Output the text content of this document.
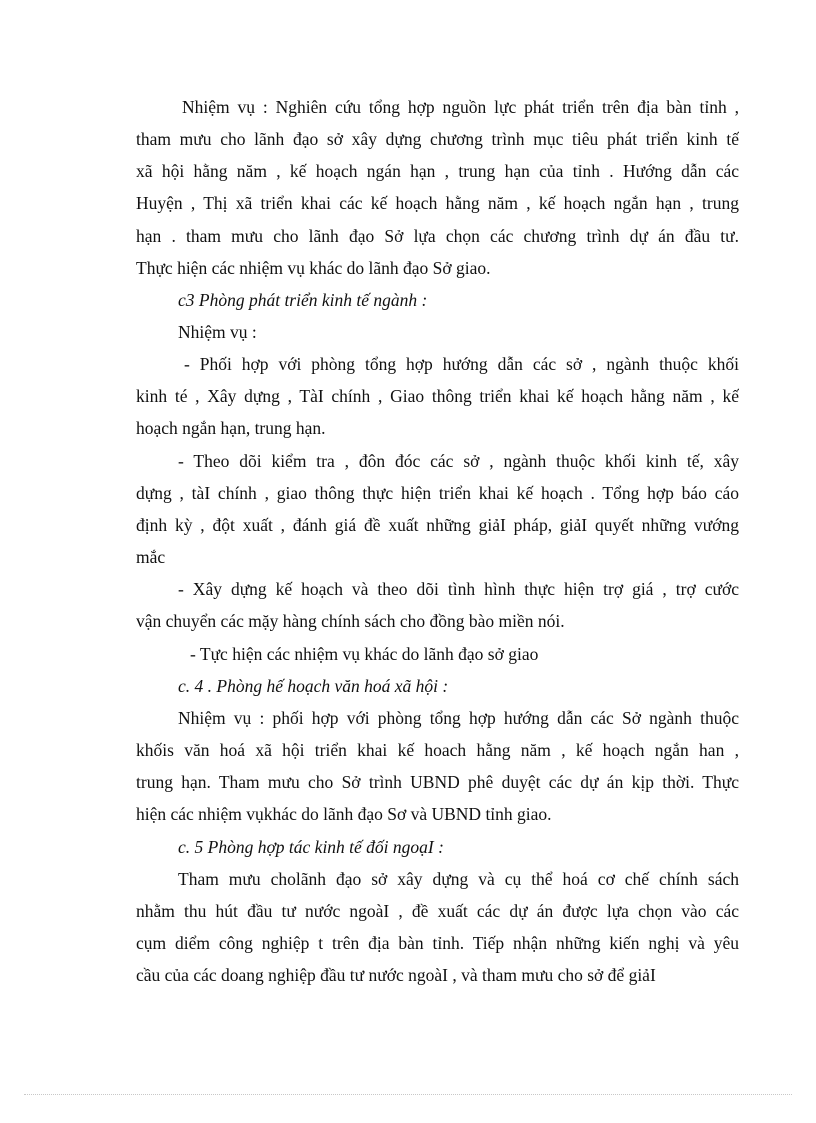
Nhiệm vụ : Nghiên cứu tổng hợp nguồn lực phát triển trên địa bàn tỉnh ,
tham mưu cho lãnh đạo sở xây dựng chương trình mục tiêu phát triển kinh tế
xã hội hằng năm , kế hoạch ngán hạn , trung hạn của tỉnh . Hướng dẫn các
Huyện , Thị xã triển khai các kế hoạch hằng năm , kế hoạch ngắn hạn , trung
hạn . tham mưu cho lãnh đạo Sở lựa chọn các chương trình dự án đầu tư.
Thực hiện các nhiệm vụ khác do lãnh đạo Sở giao.
c3 Phòng phát triển kinh tế ngành :
Nhiệm vụ :
- Phối hợp với phòng tổng hợp hướng dẫn các sở , ngành thuộc khối
kinh té , Xây dựng , TàI chính , Giao thông triển khai kế hoạch hằng năm , kế
hoạch ngắn hạn, trung hạn.
- Theo dõi kiểm tra , đôn đóc các sở , ngành thuộc khối kinh tế, xây
dựng , tàI chính , giao thông thực hiện triển khai kế hoạch . Tổng hợp báo cáo
định kỳ , đột xuất , đánh giá đề xuất những giảI pháp, giảI quyết những vướng
mắc
- Xây dựng kế hoạch và theo dõi tình hình thực hiện trợ giá , trợ cước
vận chuyển các mặy hàng chính sách cho đồng bào miền nói.
- Tực hiện các nhiệm vụ khác do lãnh đạo sở giao
c. 4 . Phòng hế hoạch văn hoá xã hội :
Nhiệm vụ : phối hợp với phòng tổng hợp hướng dẫn các Sở ngành thuộc
khốis văn hoá xã hội triển khai kế hoach hằng năm , kế hoạch ngắn han ,
trung hạn. Tham mưu cho Sở trình UBND phê duyệt các dự án kịp thời. Thực
hiện các nhiệm vụkhác do lãnh đạo Sơ và UBND tỉnh giao.
c. 5 Phòng hợp tác kinh tế đối ngoạI :
Tham mưu cholãnh đạo sở xây dựng và cụ thể hoá cơ chế chính sách
nhằm thu hút đầu tư nước ngoàI , đề xuất các dự án được lựa chọn vào các
cụm diểm công nghiệp t trên địa bàn tỉnh. Tiếp nhận những kiến nghị và yêu
cầu của các doang nghiệp đầu tư nước ngoàI , và tham mưu cho sở để giảI
